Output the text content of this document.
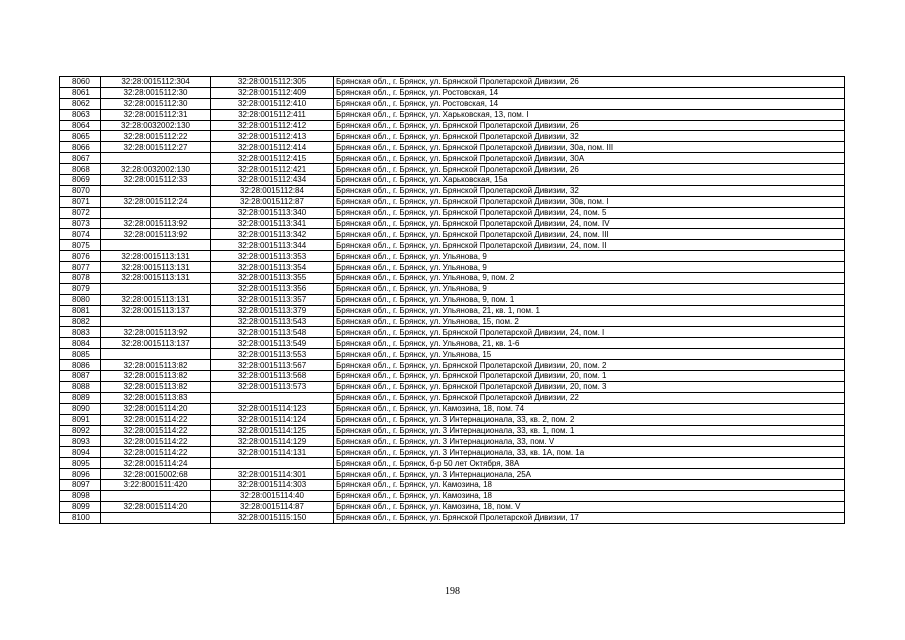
8060	32:28:0015112:304	32:28:0015112:305	Брянская обл., г. Брянск, ул. Брянской Пролетарской Дивизии, 26
8061	32:28:0015112:30	32:28:0015112:409	Брянская обл., г. Брянск, ул. Ростовская, 14
8062	32:28:0015112:30	32:28:0015112:410	Брянская обл., г. Брянск, ул. Ростовская, 14
8063	32:28:0015112:31	32:28:0015112:411	Брянская обл., г. Брянск, ул. Харьковская, 13, пом. I
8064	32:28:0032002:130	32:28:0015112:412	Брянская обл., г. Брянск, ул. Брянской Пролетарской Дивизии, 26
8065	32:28:0015112:22	32:28:0015112:413	Брянская обл., г. Брянск, ул. Брянской Пролетарской Дивизии, 32
8066	32:28:0015112:27	32:28:0015112:414	Брянская обл., г. Брянск, ул. Брянской Пролетарской Дивизии, 30а, пом. III
8067		32:28:0015112:415	Брянская обл., г. Брянск, ул. Брянской Пролетарской Дивизии, 30А
8068	32:28:0032002:130	32:28:0015112:421	Брянская обл., г. Брянск, ул. Брянской Пролетарской Дивизии, 26
8069	32:28:0015112:33	32:28:0015112:434	Брянская обл., г. Брянск, ул. Харьковская, 15а
8070		32:28:0015112:84	Брянская обл., г. Брянск, ул. Брянской Пролетарской Дивизии, 32
8071	32:28:0015112:24	32:28:0015112:87	Брянская обл., г. Брянск, ул. Брянской Пролетарской Дивизии, 30в, пом. I
8072		32:28:0015113:340	Брянская обл., г. Брянск, ул. Брянской Пролетарской Дивизии, 24, пом. 5
8073	32:28:0015113:92	32:28:0015113:341	Брянская обл., г. Брянск, ул. Брянской Пролетарской Дивизии, 24, пом. IV
8074	32:28:0015113:92	32:28:0015113:342	Брянская обл., г. Брянск, ул. Брянской Пролетарской Дивизии, 24, пом. III
8075		32:28:0015113:344	Брянская обл., г. Брянск, ул. Брянской Пролетарской Дивизии, 24, пом. II
8076	32:28:0015113:131	32:28:0015113:353	Брянская обл., г. Брянск, ул. Ульянова, 9
8077	32:28:0015113:131	32:28:0015113:354	Брянская обл., г. Брянск, ул. Ульянова, 9
8078	32:28:0015113:131	32:28:0015113:355	Брянская обл., г. Брянск, ул. Ульянова, 9, пом. 2
8079		32:28:0015113:356	Брянская обл., г. Брянск, ул. Ульянова, 9
8080	32:28:0015113:131	32:28:0015113:357	Брянская обл., г. Брянск, ул. Ульянова, 9, пом. 1
8081	32:28:0015113:137	32:28:0015113:379	Брянская обл., г. Брянск, ул. Ульянова, 21, кв. 1, пом. 1
8082		32:28:0015113:543	Брянская обл., г. Брянск, ул. Ульянова, 15, пом. 2
8083	32:28:0015113:92	32:28:0015113:548	Брянская обл., г. Брянск, ул. Брянской Пролетарской Дивизии, 24, пом. I
8084	32:28:0015113:137	32:28:0015113:549	Брянская обл., г. Брянск, ул. Ульянова, 21, кв. 1-6
8085		32:28:0015113:553	Брянская обл., г. Брянск, ул. Ульянова, 15
8086	32:28:0015113:82	32:28:0015113:567	Брянская обл., г. Брянск, ул. Брянской Пролетарской Дивизии, 20, пом. 2
8087	32:28:0015113:82	32:28:0015113:568	Брянская обл., г. Брянск, ул. Брянской Пролетарской Дивизии, 20, пом. 1
8088	32:28:0015113:82	32:28:0015113:573	Брянская обл., г. Брянск, ул. Брянской Пролетарской Дивизии, 20, пом. 3
8089	32:28:0015113:83		Брянская обл., г. Брянск, ул. Брянской Пролетарской Дивизии, 22
8090	32:28:0015114:20	32:28:0015114:123	Брянская обл., г. Брянск, ул. Камозина, 18, пом. 74
8091	32:28:0015114:22	32:28:0015114:124	Брянская обл., г. Брянск, ул. 3 Интернационала, 33, кв. 2, пом. 2
8092	32:28:0015114:22	32:28:0015114:125	Брянская обл., г. Брянск, ул. 3 Интернационала, 33, кв. 1, пом. 1
8093	32:28:0015114:22	32:28:0015114:129	Брянская обл., г. Брянск, ул. 3 Интернационала, 33, пом. V
8094	32:28:0015114:22	32:28:0015114:131	Брянская обл., г. Брянск, ул. 3 Интернационала, 33, кв. 1А, пом. 1а
8095	32:28:0015114:24		Брянская обл., г. Брянск, б-р 50 лет Октября, 38А
8096	32:28:0015002:68	32:28:0015114:301	Брянская обл., г. Брянск, ул. 3 Интернационала, 25А
8097	3:22:8001511:420	32:28:0015114:303	Брянская обл., г. Брянск, ул. Камозина, 18
8098		32:28:0015114:40	Брянская обл., г. Брянск, ул. Камозина, 18
8099	32:28:0015114:20	32:28:0015114:87	Брянская обл., г. Брянск, ул. Камозина, 18, пом. V
8100		32:28:0015115:150	Брянская обл., г. Брянск, ул. Брянской Пролетарской Дивизии, 17
198
